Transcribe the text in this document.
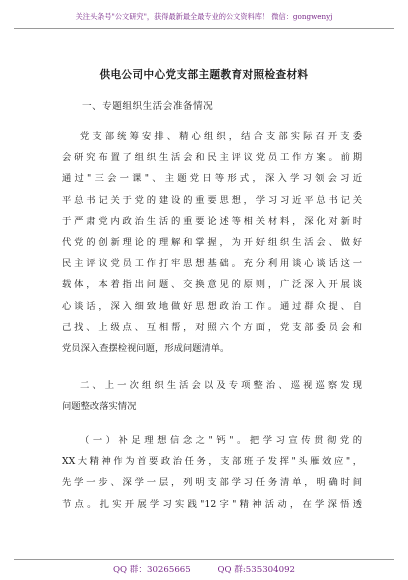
关注头条号"公文研究"，获得最新最全最专业的公文资料库！ 微信：gongwenyj
供电公司中心党支部主题教育对照检查材料
一、专题组织生活会准备情况
党支部统筹安排、精心组织，结合支部实际召开支委
会研究布置了组织生活会和民主评议党员工作方案。前期
通过"三会一课"、主题党日等形式，深入学习领会习近
平总书记关于党的建设的重要思想，学习习近平总书记关
于严肃党内政治生活的重要论述等相关材料，深化对新时
代党的创新理论的理解和掌握，为开好组织生活会、做好
民主评议党员工作打牢思想基础。充分利用谈心谈话这一
载体，本着指出问题、交换意见的原则，广泛深入开展谈
心谈话，深入细致地做好思想政治工作。通过群众提、自
己找、上级点、互相帮，对照六个方面，党支部委员会和
党员深入查摆检视问题，形成问题清单。
二、上一次组织生活会以及专项整治、巡视巡察发现
问题整改落实情况
（一）补足理想信念之"钙"。把学习宣传贯彻党的
XX大精神作为首要政治任务，支部班子发挥"头雁效应"，
先学一步、深学一层，列明支部学习任务清单，明确时间
节点。扎实开展学习实践"12字"精神活动，在学深悟透
QQ 群：30265665	QQ 群:535304092
